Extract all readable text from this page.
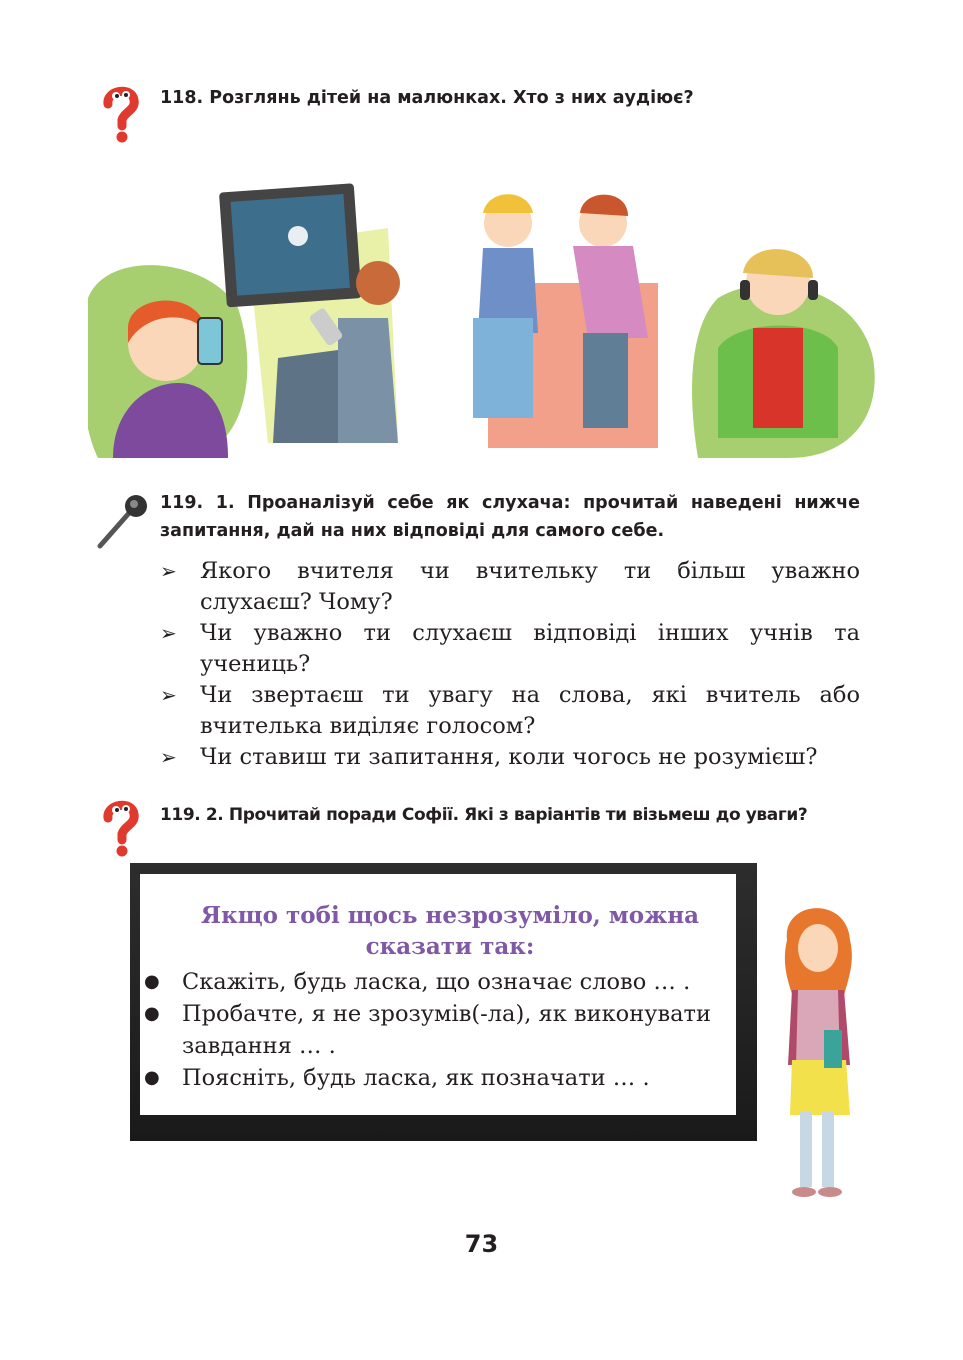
118. Розглянь дітей на малюнках. Хто з них аудіює?
119. 1. Проаналізуй себе як слухача: прочитай наведені нижче
запитання, дай на них відповіді для самого себе.
➢ Якого вчителя чи вчительку ти більш уважно слухаєш? Чому?
➢ Чи уважно ти слухаєш відповіді інших учнів та учениць?
➢ Чи звертаєш ти увагу на слова, які вчитель або вчителька виділяє голосом?
➢ Чи ставиш ти запитання, коли чогось не розумієш?
119. 2. Прочитай поради Софії. Які з варіантів ти візьмеш до уваги?
Якщо тобі щось незрозуміло, можна
сказати так:
● Скажіть, будь ласка, що означає слово … .
● Пробачте, я не зрозумів(-ла), як виконувати завдання … .
● Поясніть, будь ласка, як позначати … .
73
